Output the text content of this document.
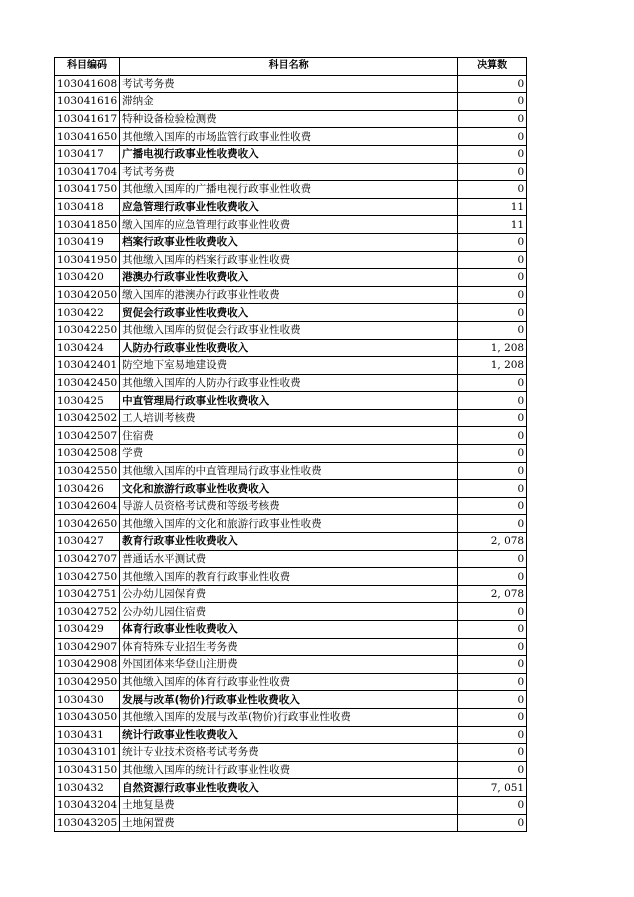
科目编码	科目名称	决算数
103041608	考试考务费	0
103041616	滞纳金	0
103041617	特种设备检验检测费	0
103041650	其他缴入国库的市场监管行政事业性收费	0
1030417	广播电视行政事业性收费收入	0
103041704	考试考务费	0
103041750	其他缴入国库的广播电视行政事业性收费	0
1030418	应急管理行政事业性收费收入	11
103041850	缴入国库的应急管理行政事业性收费	11
1030419	档案行政事业性收费收入	0
103041950	其他缴入国库的档案行政事业性收费	0
1030420	港澳办行政事业性收费收入	0
103042050	缴入国库的港澳办行政事业性收费	0
1030422	贸促会行政事业性收费收入	0
103042250	其他缴入国库的贸促会行政事业性收费	0
1030424	人防办行政事业性收费收入	1, 208
103042401	防空地下室易地建设费	1, 208
103042450	其他缴入国库的人防办行政事业性收费	0
1030425	中直管理局行政事业性收费收入	0
103042502	工人培训考核费	0
103042507	住宿费	0
103042508	学费	0
103042550	其他缴入国库的中直管理局行政事业性收费	0
1030426	文化和旅游行政事业性收费收入	0
103042604	导游人员资格考试费和等级考核费	0
103042650	其他缴入国库的文化和旅游行政事业性收费	0
1030427	教育行政事业性收费收入	2, 078
103042707	普通话水平测试费	0
103042750	其他缴入国库的教育行政事业性收费	0
103042751	公办幼儿园保育费	2, 078
103042752	公办幼儿园住宿费	0
1030429	体育行政事业性收费收入	0
103042907	体育特殊专业招生考务费	0
103042908	外国团体来华登山注册费	0
103042950	其他缴入国库的体育行政事业性收费	0
1030430	发展与改革(物价)行政事业性收费收入	0
103043050	其他缴入国库的发展与改革(物价)行政事业性收费	0
1030431	统计行政事业性收费收入	0
103043101	统计专业技术资格考试考务费	0
103043150	其他缴入国库的统计行政事业性收费	0
1030432	自然资源行政事业性收费收入	7, 051
103043204	土地复垦费	0
103043205	土地闲置费	0
